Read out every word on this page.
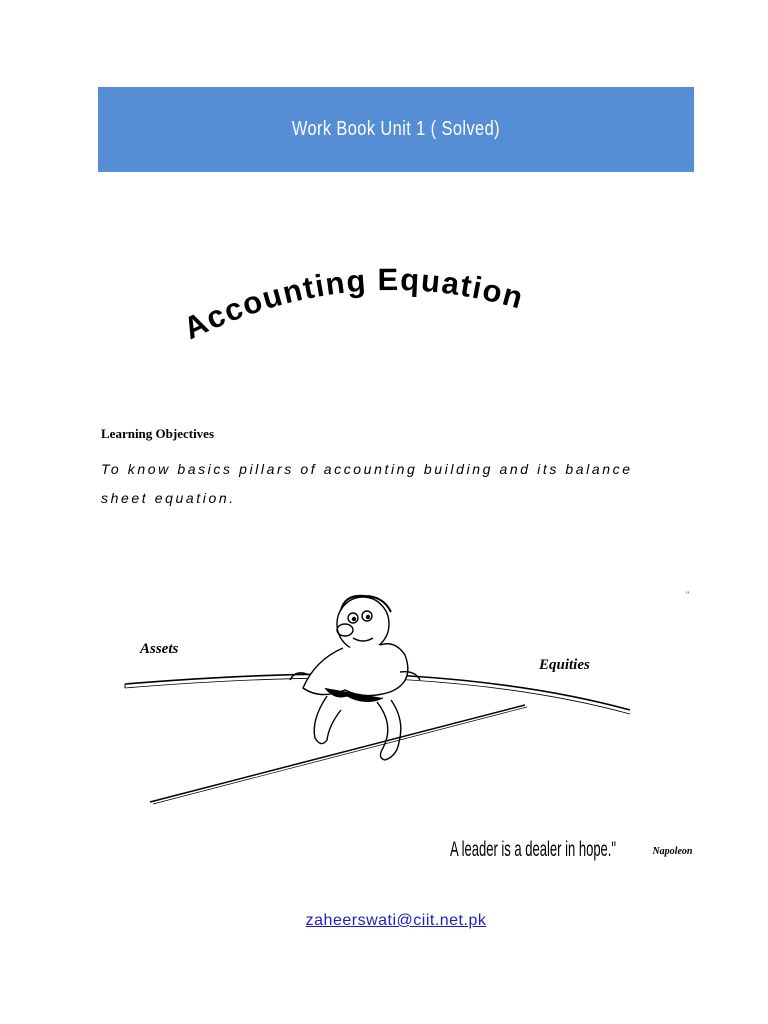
Work Book Unit 1 ( Solved)
Accounting Equation
Learning Objectives
To know basics pillars of accounting building and its balance sheet equation.
"
Assets
Equities
A leader is a dealer in hope."	Napoleon
zaheerswati@ciit.net.pk
